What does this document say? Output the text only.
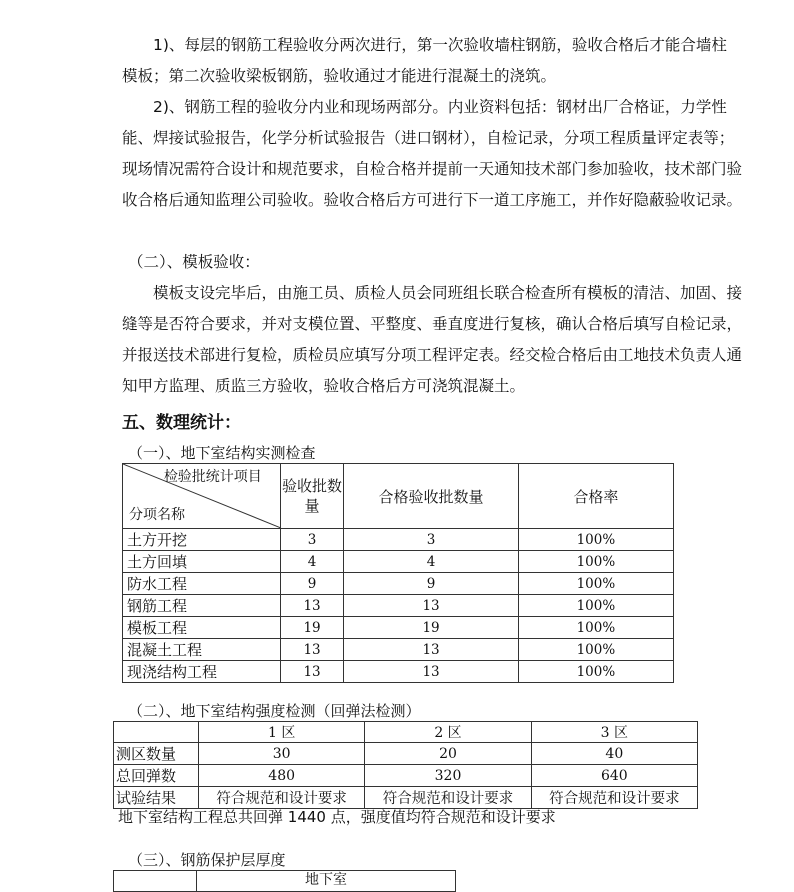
1)、每层的钢筋工程验收分两次进行，第一次验收墙柱钢筋，验收合格后才能合墙柱模板；第二次验收梁板钢筋，验收通过才能进行混凝土的浇筑。

2)、钢筋工程的验收分内业和现场两部分。内业资料包括：钢材出厂合格证，力学性能、焊接试验报告，化学分析试验报告（进口钢材），自检记录，分项工程质量评定表等；现场情况需符合设计和规范要求，自检合格并提前一天通知技术部门参加验收，技术部门验收合格后通知监理公司验收。验收合格后方可进行下一道工序施工，并作好隐蔽验收记录。

（二）、模板验收：

模板支设完毕后，由施工员、质检人员会同班组长联合检查所有模板的清洁、加固、接缝等是否符合要求，并对支模位置、平整度、垂直度进行复核，确认合格后填写自检记录，并报送技术部进行复检，质检员应填写分项工程评定表。经交检合格后由工地技术负责人通知甲方监理、质监三方验收，验收合格后方可浇筑混凝土。

五、数理统计：

（一）、地下室结构实测检查

检验批统计项目
分项名称	验收批数　量	合格验收批数量	合格率
土方开挖	3	3	100%
土方回填	4	4	100%
防水工程	9	9	100%
钢筋工程	13	13	100%
模板工程	19	19	100%
混凝土工程	13	13	100%
现浇结构工程	13	13	100%

（二）、地下室结构强度检测（回弹法检测）

	1 区	2 区	3 区
测区数量	30	20	40
总回弹数	480	320	640
试验结果	符合规范和设计要求	符合规范和设计要求	符合规范和设计要求

地下室结构工程总共回弹 1440 点，强度值均符合规范和设计要求

（三）、钢筋保护层厚度

	地下室
